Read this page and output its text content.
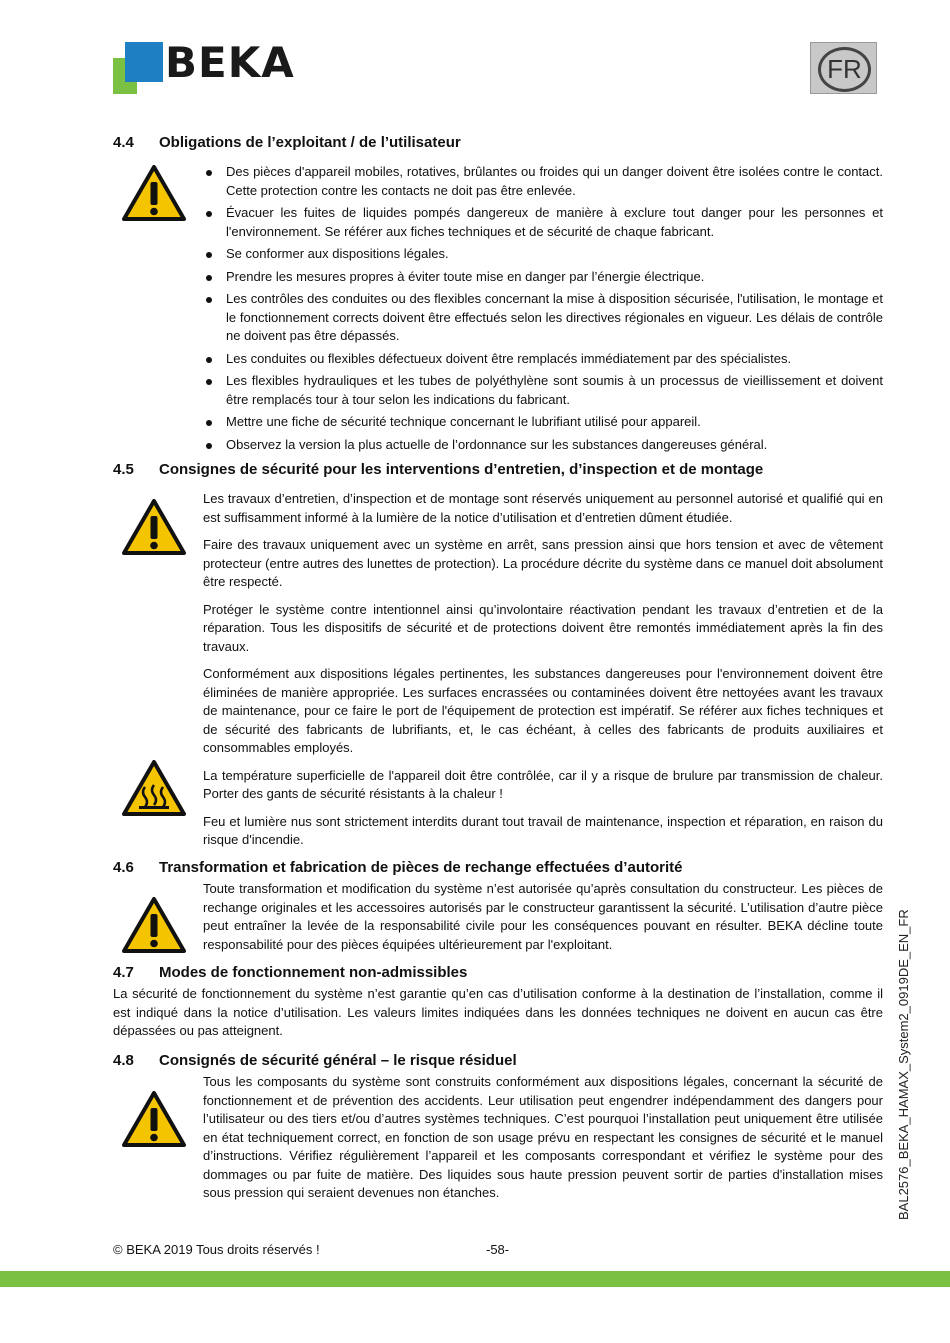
BEKA	FR
BAL2576_BEKA_HAMAX_System2_0919DE_EN_FR
4.4 Obligations de l’exploitant / de l’utilisateur
Des pièces d'appareil mobiles, rotatives, brûlantes ou froides qui un danger doivent être isolées contre le contact. Cette protection contre les contacts ne doit pas être enlevée.
Évacuer les fuites de liquides pompés dangereux de manière à exclure tout danger pour les personnes et l'environnement. Se référer aux fiches techniques et de sécurité de chaque fabricant.
Se conformer aux dispositions légales.
Prendre les mesures propres à éviter toute mise en danger par l’énergie électrique.
Les contrôles des conduites ou des flexibles concernant la mise à disposition sécurisée, l'utilisation, le montage et le fonctionnement corrects doivent être effectués selon les directives régionales en vigueur. Les délais de contrôle ne doivent pas être dépassés.
Les conduites ou flexibles défectueux doivent être remplacés immédiatement par des spécialistes.
Les flexibles hydrauliques et les tubes de polyéthylène sont soumis à un processus de vieillissement et doivent être remplacés tour à tour selon les indications du fabricant.
Mettre une fiche de sécurité technique concernant le lubrifiant utilisé pour appareil.
Observez la version la plus actuelle de l’ordonnance sur les substances dangereuses général.
4.5 Consignes de sécurité pour les interventions d’entretien, d’inspection et de montage

Les travaux d’entretien, d’inspection et de montage sont réservés uniquement au personnel autorisé et qualifié qui en est suffisamment informé à la lumière de la notice d’utilisation et d’entretien dûment étudiée.

Faire des travaux uniquement avec un système en arrêt, sans pression ainsi que hors tension et avec de vêtement protecteur (entre autres des lunettes de protection). La procédure décrite du système dans ce manuel doit absolument être respecté.

Protéger le système contre intentionnel ainsi qu’involontaire réactivation pendant les travaux d’entretien et de la réparation. Tous les dispositifs de sécurité et de protections doivent être remontés immédiatement après la fin des travaux.

Conformément aux dispositions légales pertinentes, les substances dangereuses pour l'environnement doivent être éliminées de manière appropriée. Les surfaces encrassées ou contaminées doivent être nettoyées avant les travaux de maintenance, pour ce faire le port de l'équipement de protection est impératif. Se référer aux fiches techniques et de sécurité des fabricants de lubrifiants, et, le cas échéant, à celles des fabricants de produits auxiliaires et consommables employés.

La température superficielle de l'appareil doit être contrôlée, car il y a risque de brulure par transmission de chaleur. Porter des gants de sécurité résistants à la chaleur !

Feu et lumière nus sont strictement interdits durant tout travail de maintenance, inspection et réparation, en raison du risque d'incendie.

4.6 Transformation et fabrication de pièces de rechange effectuées d’autorité

Toute transformation et modification du système n’est autorisée qu’après consultation du constructeur. Les pièces de rechange originales et les accessoires autorisés par le constructeur garantissent la sécurité. L’utilisation d’autre pièce peut entraîner la levée de la responsabilité civile pour les conséquences pouvant en résulter. BEKA décline toute responsabilité pour des pièces équipées ultérieurement par l'exploitant.

4.7 Modes de fonctionnement non-admissibles
La sécurité de fonctionnement du système n’est garantie qu’en cas d’utilisation conforme à la destination de l’installation, comme il est indiqué dans la notice d’utilisation. Les valeurs limites indiquées dans les données techniques ne doivent en aucun cas être dépassées ou pas atteignent.
4.8 Consignés de sécurité général – le risque résiduel

Tous les composants du système sont construits conformément aux dispositions légales, concernant la sécurité de fonctionnement et de prévention des accidents. Leur utilisation peut engendrer indépendamment des dangers pour l’utilisateur ou des tiers et/ou d’autres systèmes techniques. C’est pourquoi l’installation peut uniquement être utilisée en état techniquement correct, en fonction de son usage prévu en respectant les consignes de sécurité et le manuel d’instructions. Vérifiez régulièrement l’appareil et les composants correspondant et vérifiez le système pour des dommages ou par fuite de matière. Des liquides sous haute pression peuvent sortir de parties d'installation mises sous pression qui seraient devenues non étanches.

© BEKA 2019 Tous droits réservés !	-58-
